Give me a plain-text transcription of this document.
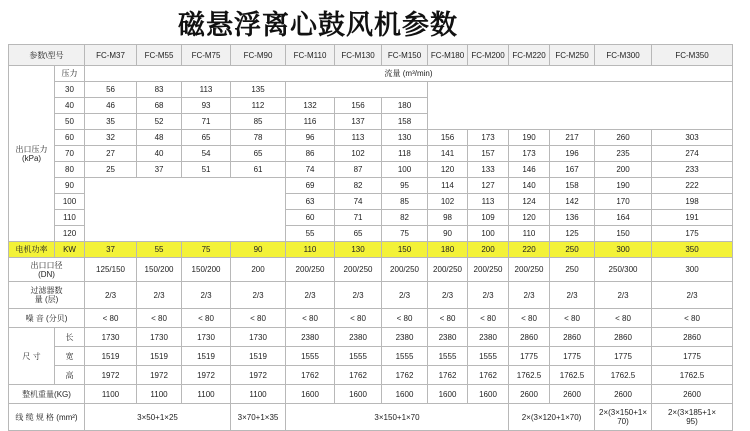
磁悬浮离心鼓风机参数
参数\型号		FC-M37	FC-M55	FC-M75	FC-M90	FC-M110	FC-M130	FC-M150	FC-M180	FC-M200	FC-M220	FC-M250	FC-M300	FC-M350
出口压力
(kPa)	压力	流量 (m³/min)												
	30	56	83	113	135									
	40	46	68	93	112	132	156	180						
	50	35	52	71	85	116	137	158						
	60	32	48	65	78	96	113	130	156	173	190	217	260	303
	70	27	40	54	65	86	102	118	141	157	173	196	235	274
	80	25	37	51	61	74	87	100	120	133	146	167	200	233
	90					69	82	95	114	127	140	158	190	222
	100					63	74	85	102	113	124	142	170	198
	110					60	71	82	98	109	120	136	164	191
	120					55	65	75	90	100	110	125	150	175
电机功率	KW	37	55	75	90	110	130	150	180	200	220	250	300	350
出口口径
(DN)		125/150	150/200	150/200	200	200/250	200/250	200/250	200/250	200/250	200/250	250	250/300	300
过滤器数
量 (层)		2/3	2/3	2/3	2/3	2/3	2/3	2/3	2/3	2/3	2/3	2/3	2/3	2/3
噪 音 (分贝)		< 80	< 80	< 80	< 80	< 80	< 80	< 80	< 80	< 80	< 80	< 80	< 80	< 80
尺 寸	长	1730	1730	1730	1730	2380	2380	2380	2380	2380	2860	2860	2860	2860
	宽	1519	1519	1519	1519	1555	1555	1555	1555	1555	1775	1775	1775	1775
	高	1972	1972	1972	1972	1762	1762	1762	1762	1762	1762.5	1762.5	1762.5	1762.5
整机重量(KG)		1100	1100	1100	1100	1600	1600	1600	1600	1600	2600	2600	2600	2600
线 缆 规 格 (mm²)		3×50+1×25			3×70+1×35	3×150+1×70					2×(3×120+1×70)		2×(3×150+1×
70)	2×(3×185+1×
95)
